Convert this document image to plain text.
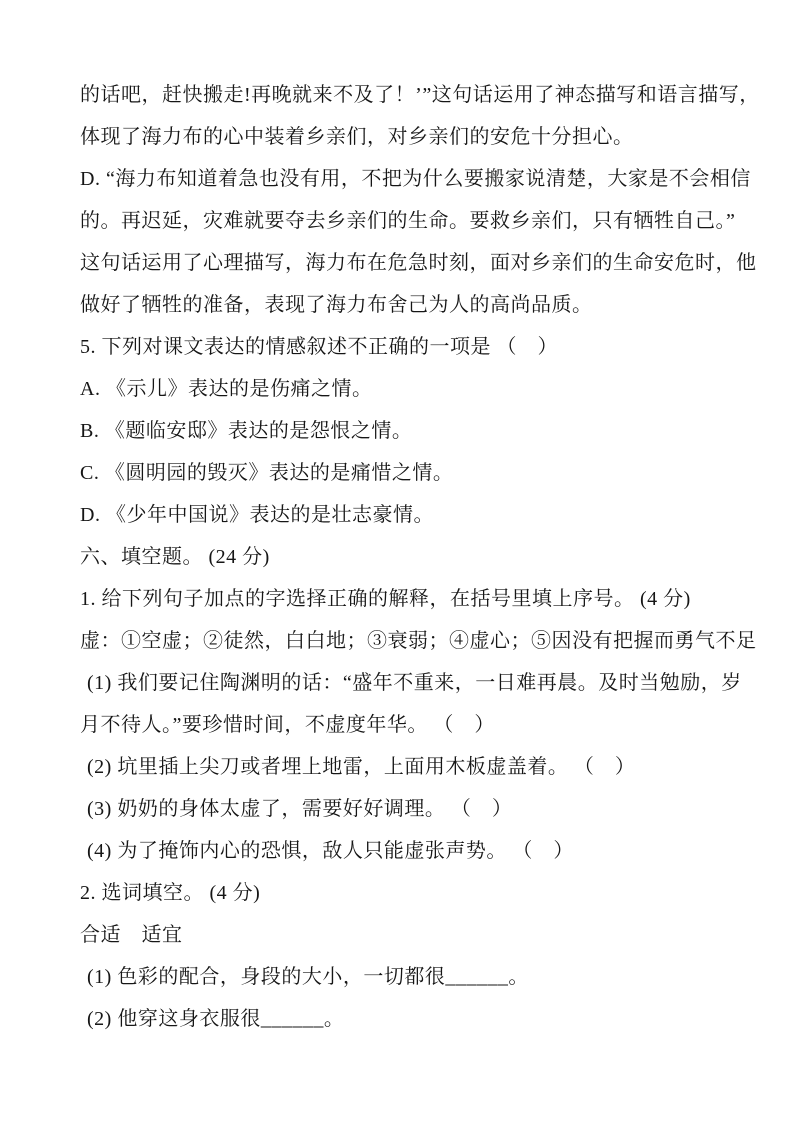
的话吧，赶快搬走!再晚就来不及了！’”这句话运用了神态描写和语言描写，
体现了海力布的心中装着乡亲们，对乡亲们的安危十分担心。
D. “海力布知道着急也没有用，不把为什么要搬家说清楚，大家是不会相信
的。再迟延，灾难就要夺去乡亲们的生命。要救乡亲们，只有牺牲自己。”
这句话运用了心理描写，海力布在危急时刻，面对乡亲们的生命安危时，他
做好了牺牲的准备，表现了海力布舍己为人的高尚品质。
5. 下列对课文表达的情感叙述不正确的一项是 （　）
A. 《示儿》表达的是伤痛之情。
B. 《题临安邸》表达的是怨恨之情。
C. 《圆明园的毁灭》表达的是痛惜之情。
D. 《少年中国说》表达的是壮志豪情。
六、填空题。 (24 分)
1. 给下列句子加点的字选择正确的解释，在括号里填上序号。 (4 分)
虚：①空虚；②徒然，白白地；③衰弱；④虚心；⑤因没有把握而勇气不足
(1) 我们要记住陶渊明的话：“盛年不重来，一日难再晨。及时当勉励，岁
月不待人。”要珍惜时间，不虚度年华。 （　）
(2) 坑里插上尖刀或者埋上地雷，上面用木板虚盖着。 （　）
(3) 奶奶的身体太虚了，需要好好调理。 （　）
(4) 为了掩饰内心的恐惧，敌人只能虚张声势。 （　）
2. 选词填空。 (4 分)
合适　适宜
(1) 色彩的配合，身段的大小，一切都很______。
(2) 他穿这身衣服很______。
